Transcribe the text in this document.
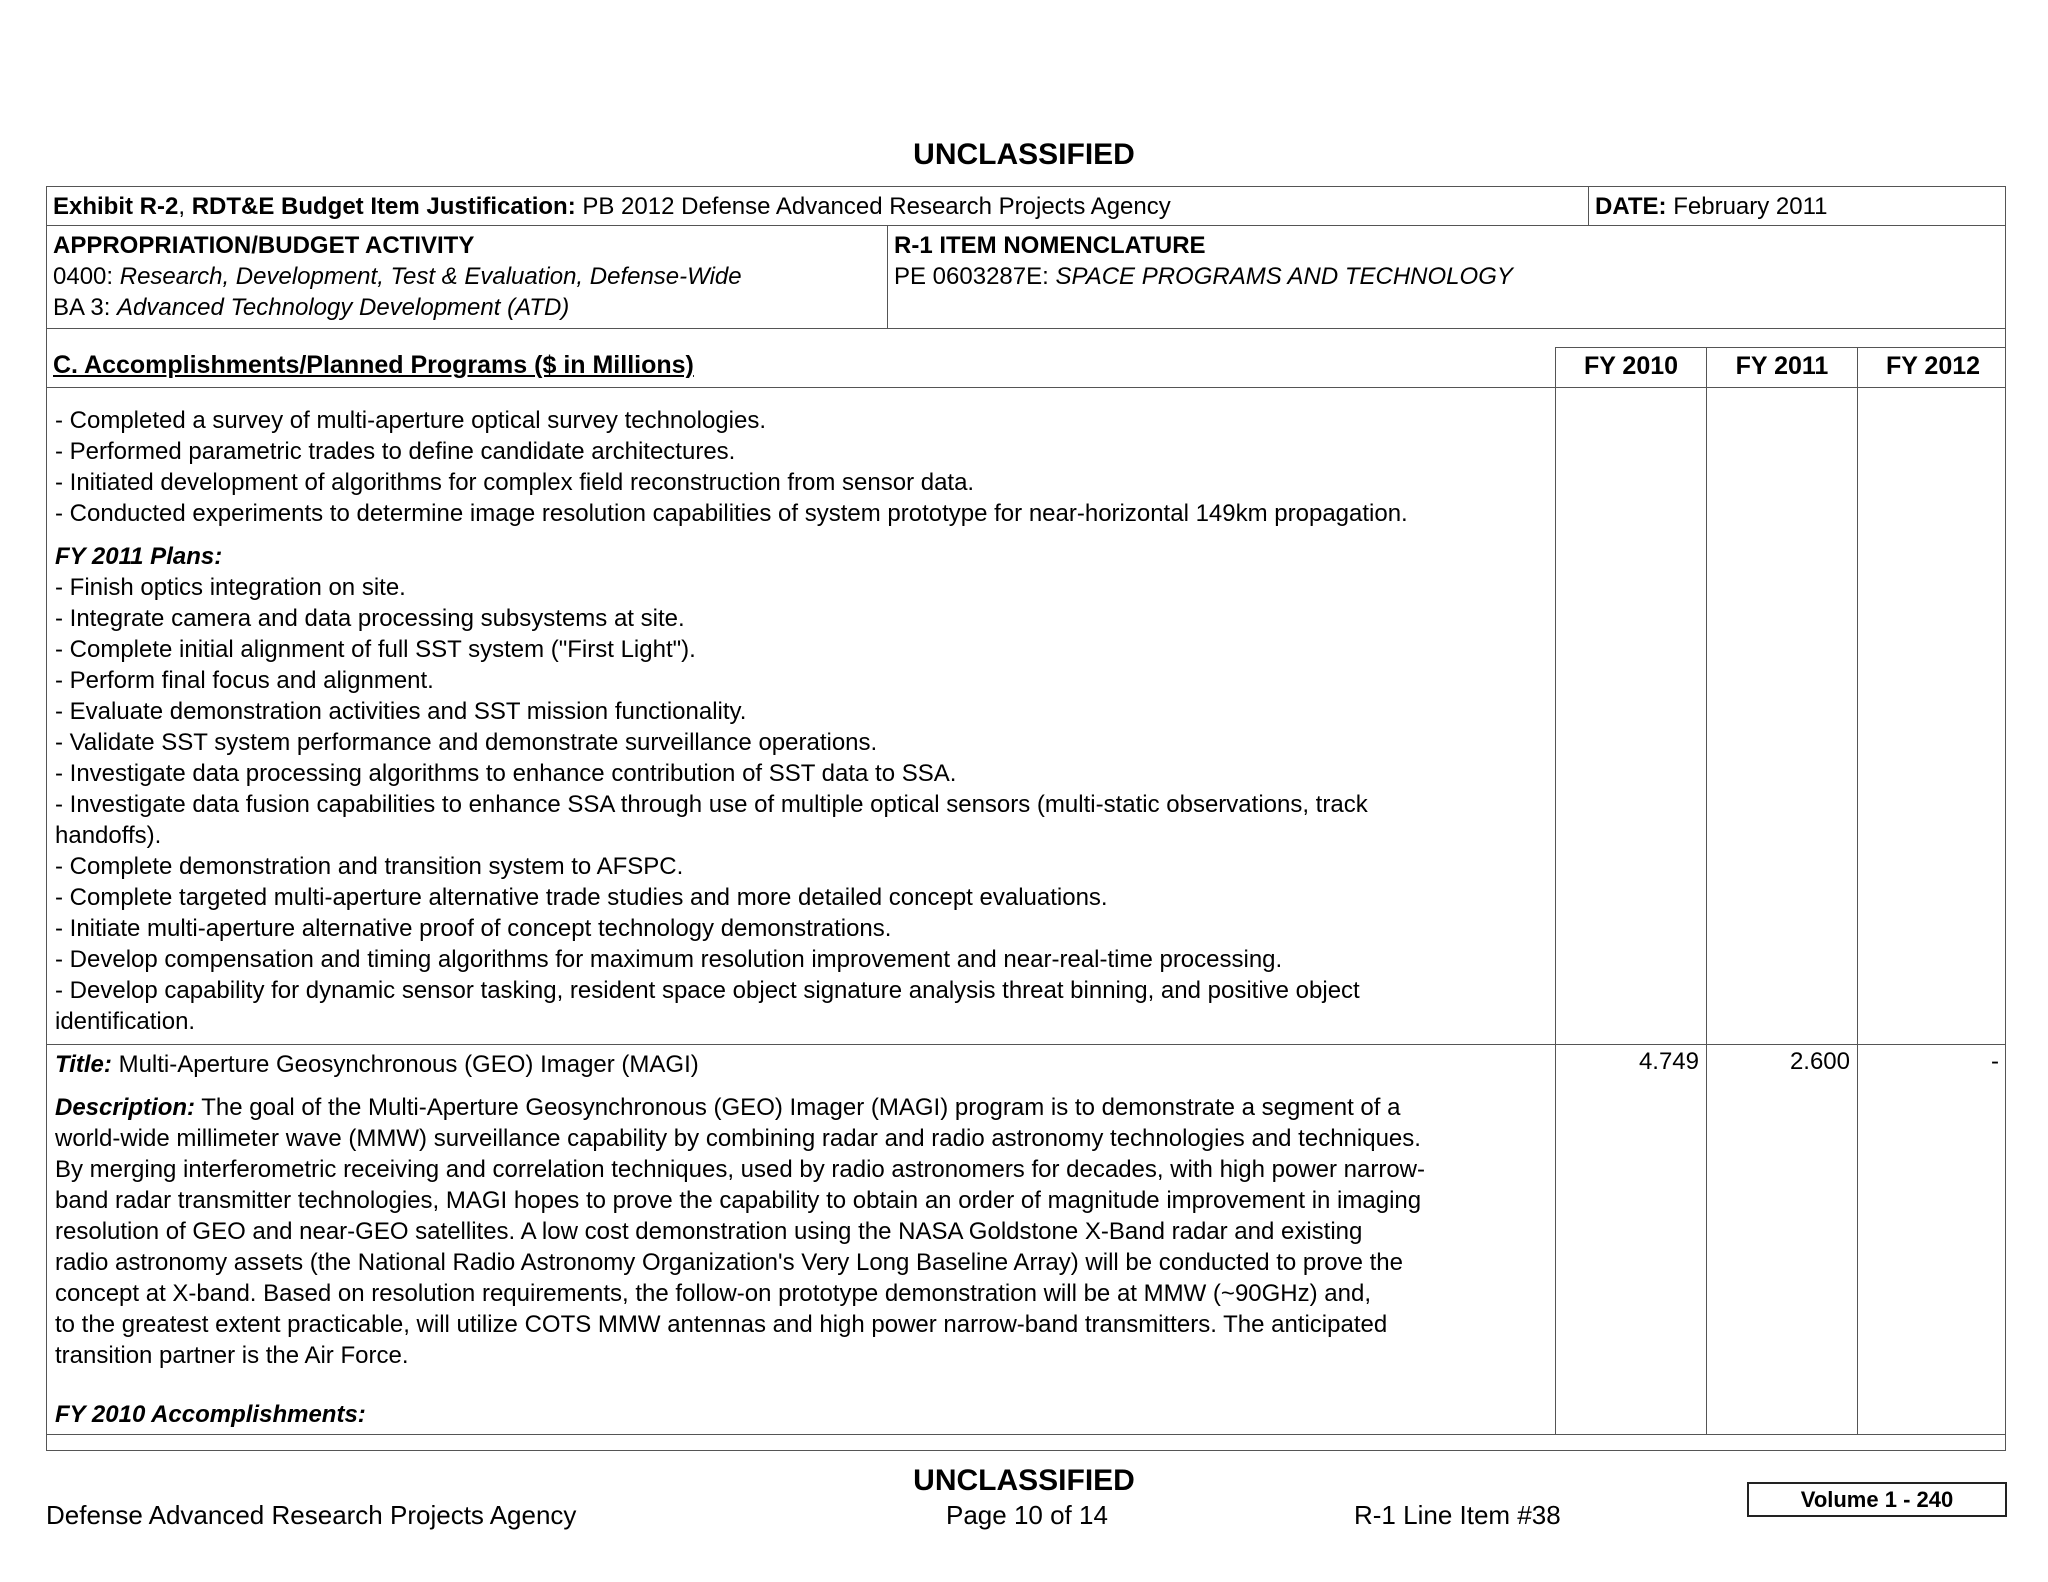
UNCLASSIFIED
Exhibit R-2, RDT&E Budget Item Justification: PB 2012 Defense Advanced Research Projects Agency	DATE: February 2011
APPROPRIATION/BUDGET ACTIVITY
0400: Research, Development, Test & Evaluation, Defense-Wide
BA 3: Advanced Technology Development (ATD)
R-1 ITEM NOMENCLATURE
PE 0603287E: SPACE PROGRAMS AND TECHNOLOGY
C. Accomplishments/Planned Programs ($ in Millions)	FY 2010	FY 2011	FY 2012
- Completed a survey of multi-aperture optical survey technologies.
- Performed parametric trades to define candidate architectures.
- Initiated development of algorithms for complex field reconstruction from sensor data.
- Conducted experiments to determine image resolution capabilities of system prototype for near-horizontal 149km propagation.
FY 2011 Plans:
- Finish optics integration on site.
- Integrate camera and data processing subsystems at site.
- Complete initial alignment of full SST system ("First Light").
- Perform final focus and alignment.
- Evaluate demonstration activities and SST mission functionality.
- Validate SST system performance and demonstrate surveillance operations.
- Investigate data processing algorithms to enhance contribution of SST data to SSA.
- Investigate data fusion capabilities to enhance SSA through use of multiple optical sensors (multi-static observations, track
handoffs).
- Complete demonstration and transition system to AFSPC.
- Complete targeted multi-aperture alternative trade studies and more detailed concept evaluations.
- Initiate multi-aperture alternative proof of concept technology demonstrations.
- Develop compensation and timing algorithms for maximum resolution improvement and near-real-time processing.
- Develop capability for dynamic sensor tasking, resident space object signature analysis threat binning, and positive object
identification.
Title: Multi-Aperture Geosynchronous (GEO) Imager (MAGI)	4.749	2.600	-
Description: The goal of the Multi-Aperture Geosynchronous (GEO) Imager (MAGI) program is to demonstrate a segment of a
world-wide millimeter wave (MMW) surveillance capability by combining radar and radio astronomy technologies and techniques.
By merging interferometric receiving and correlation techniques, used by radio astronomers for decades, with high power narrow-
band radar transmitter technologies, MAGI hopes to prove the capability to obtain an order of magnitude improvement in imaging
resolution of GEO and near-GEO satellites. A low cost demonstration using the NASA Goldstone X-Band radar and existing
radio astronomy assets (the National Radio Astronomy Organization's Very Long Baseline Array) will be conducted to prove the
concept at X-band. Based on resolution requirements, the follow-on prototype demonstration will be at MMW (~90GHz) and,
to the greatest extent practicable, will utilize COTS MMW antennas and high power narrow-band transmitters. The anticipated
transition partner is the Air Force.
FY 2010 Accomplishments:
UNCLASSIFIED
Defense Advanced Research Projects Agency	Page 10 of 14	R-1 Line Item #38
Volume 1 - 240
